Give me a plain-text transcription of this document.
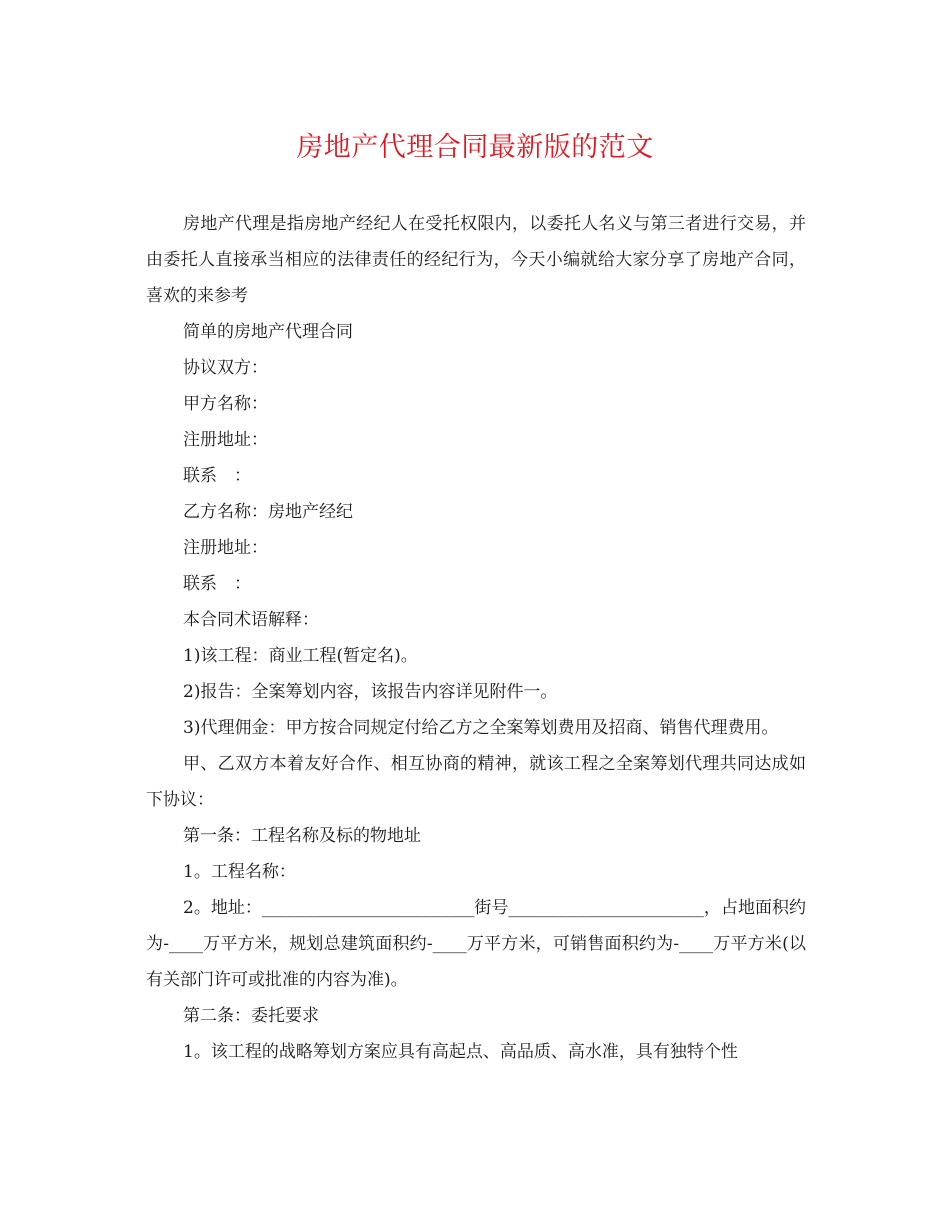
房地产代理合同最新版的范文

房地产代理是指房地产经纪人在受托权限内，以委托人名义与第三者进行交易，并由委托人直接承当相应的法律责任的经纪行为，今天小编就给大家分享了房地产合同，喜欢的来参考

简单的房地产代理合同

协议双方：

甲方名称：

注册地址：

联系　：

乙方名称：房地产经纪

注册地址：

联系　：

本合同术语解释：

1)该工程：商业工程(暂定名)。

2)报告：全案筹划内容，该报告内容详见附件一。

3)代理佣金：甲方按合同规定付给乙方之全案筹划费用及招商、销售代理费用。

甲、乙双方本着友好合作、相互协商的精神，就该工程之全案筹划代理共同达成如下协议：

第一条：工程名称及标的物地址

1。工程名称：

2。地址：_________________________街号_______________________，占地面积约为-____万平方米，规划总建筑面积约-____万平方米，可销售面积约为-____万平方米(以有关部门许可或批准的内容为准)。

第二条：委托要求

1。该工程的战略筹划方案应具有高起点、高品质、高水准，具有独特个性
